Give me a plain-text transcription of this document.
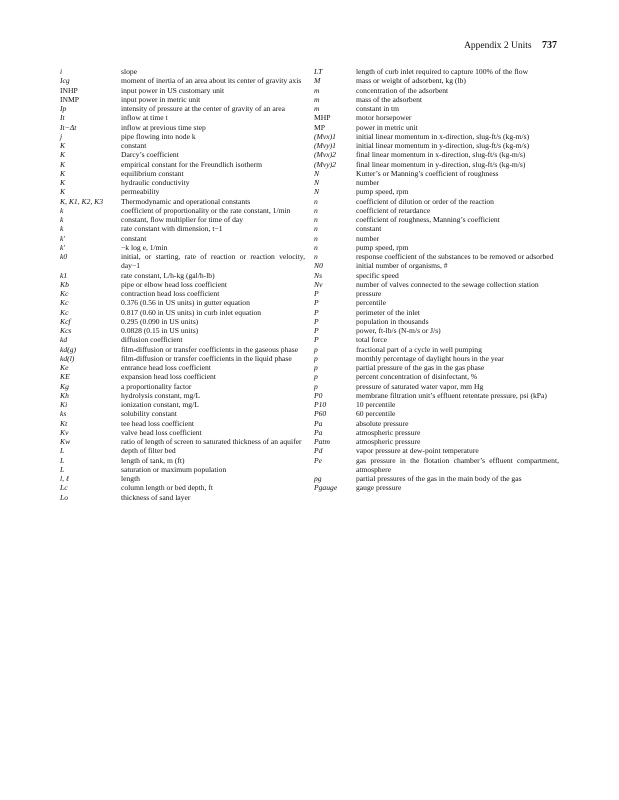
Appendix 2 Units 737
i	slope
Icg	moment of inertia of an area about its center of gravity axis
INHP	input power in US customary unit
INMP	input power in metric unit
Ip	intensity of pressure at the center of gravity of an area
It	inflow at time t
It−Δt	inflow at previous time step
j	pipe flowing into node k
K	constant
K	Darcy’s coefficient
K	empirical constant for the Freundlich isotherm
K	equilibrium constant
K	hydraulic conductivity
K	permeability
K, K1, K2, K3	Thermodynamic and operational constants
k	coefficient of proportionality or the rate constant, 1/min
k	constant, flow multiplier for time of day
k	rate constant with dimension, t−1
k′	constant
k′	−k log e, 1/min
k0	initial, or starting, rate of reaction or reaction velocity, day−1
k1	rate constant, L/h-kg (gal/h-lb)
Kb	pipe or elbow head loss coefficient
Kc	contraction head loss coefficient
Kc	0.376 (0.56 in US units) in gutter equation
Kc	0.817 (0.60 in US units) in curb inlet equation
Kcf	0.295 (0.090 in US units)
Kcs	0.0828 (0.15 in US units)
kd	diffusion coefficient
kd(g)	film-diffusion or transfer coefficients in the gaseous phase
kd(l)	film-diffusion or transfer coefficients in the liquid phase
Ke	entrance head loss coefficient
KE	expansion head loss coefficient
Kg	a proportionality factor
Kh	hydrolysis constant, mg/L
Ki	ionization constant, mg/L
ks	solubility constant
Kt	tee head loss coefficient
Kv	valve head loss coefficient
Kw	ratio of length of screen to saturated thickness of an aquifer
L	depth of filter bed
L	length of tank, m (ft)
L	saturation or maximum population
l, ℓ	length
Lc	column length or bed depth, ft
Lo	thickness of sand layer
LT	length of curb inlet required to capture 100% of the flow
M	mass or weight of adsorbent, kg (lb)
m	concentration of the adsorbent
m	mass of the adsorbent
m	constant in tm
MHP	motor horsepower
MP	power in metric unit
(Mvx)1	initial linear momentum in x-direction, slug-ft/s (kg-m/s)
(Mvy)1	initial linear momentum in y-direction, slug-ft/s (kg-m/s)
(Mvx)2	final linear momentum in x-direction, slug-ft/s (kg-m/s)
(Mvy)2	final linear momentum in y-direction, slug-ft/s (kg-m/s)
N	Kutter’s or Manning’s coefficient of roughness
N	number
N	pump speed, rpm
n	coefficient of dilution or order of the reaction
n	coefficient of retardance
n	coefficient of roughness, Manning’s coefficient
n	constant
n	number
n	pump speed, rpm
n	response coefficient of the substances to be removed or adsorbed
N0	initial number of organisms, #
Ns	specific speed
Nv	number of valves connected to the sewage collection station
P	pressure
P	percentile
P	perimeter of the inlet
P	population in thousands
P	power, ft-lb/s (N-m/s or J/s)
P	total force
p	fractional part of a cycle in well pumping
p	monthly percentage of daylight hours in the year
p	partial pressure of the gas in the gas phase
p	percent concentration of disinfectant, %
p	pressure of saturated water vapor, mm Hg
P0	membrane filtration unit’s effluent retentate pressure, psi (kPa)
P10	10 percentile
P60	60 percentile
Pa	absolute pressure
Pa	atmospheric pressure
Patm	atmospheric pressure
Pd	vapor pressure at dew-point temperature
Pe	gas pressure in the flotation chamber’s effluent compartment, atmosphere
pg	partial pressures of the gas in the main body of the gas
Pgauge	gauge pressure
